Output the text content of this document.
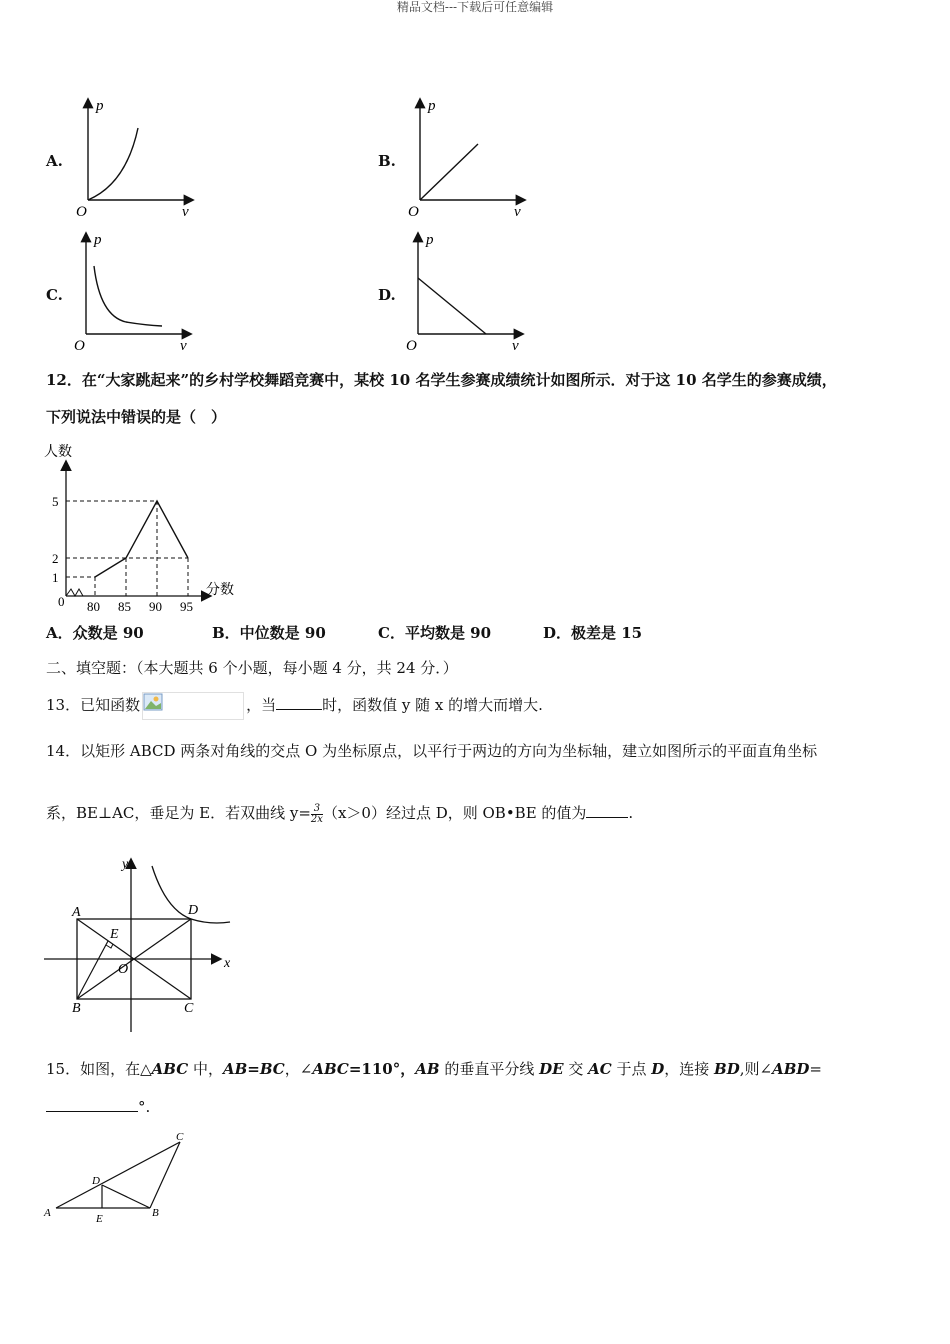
精品文档---下载后可任意编辑
A.
p
O	v
B.
p
O	v
C.
p
O	v
D.
p
O	v
12．在“大家跳起来”的乡村学校舞蹈竞赛中，某校 10 名学生参赛成绩统计如图所示．对于这 10 名学生的参赛成绩，
下列说法中错误的是（　）
人数
0
分数
80 85 90 95
1
2
5
A．众数是 90	B．中位数是 90	C．平均数是 90	D．极差是 15
二、填空题：（本大题共 6 个小题，每小题 4 分，共 24 分．）
13．已知函数	，当	时，函数值 y 随 x 的增大而增大.
14．以矩形 ABCD 两条对角线的交点 O 为坐标原点，以平行于两边的方向为坐标轴，建立如图所示的平面直角坐标
系，BE⊥AC，垂足为 E．若双曲线 $y= \frac{3}{2x} (x>0)$经过点 D，则 OB•BE 的值为	.
A
B	C
D
E
O	x
y
15．如图，在△ABC 中，AB=BC，∠ABC=110°，AB 的垂直平分线 DE 交 AC 于点 D，连接 BD,则∠ABD=
°.
A	B
C
D
E
